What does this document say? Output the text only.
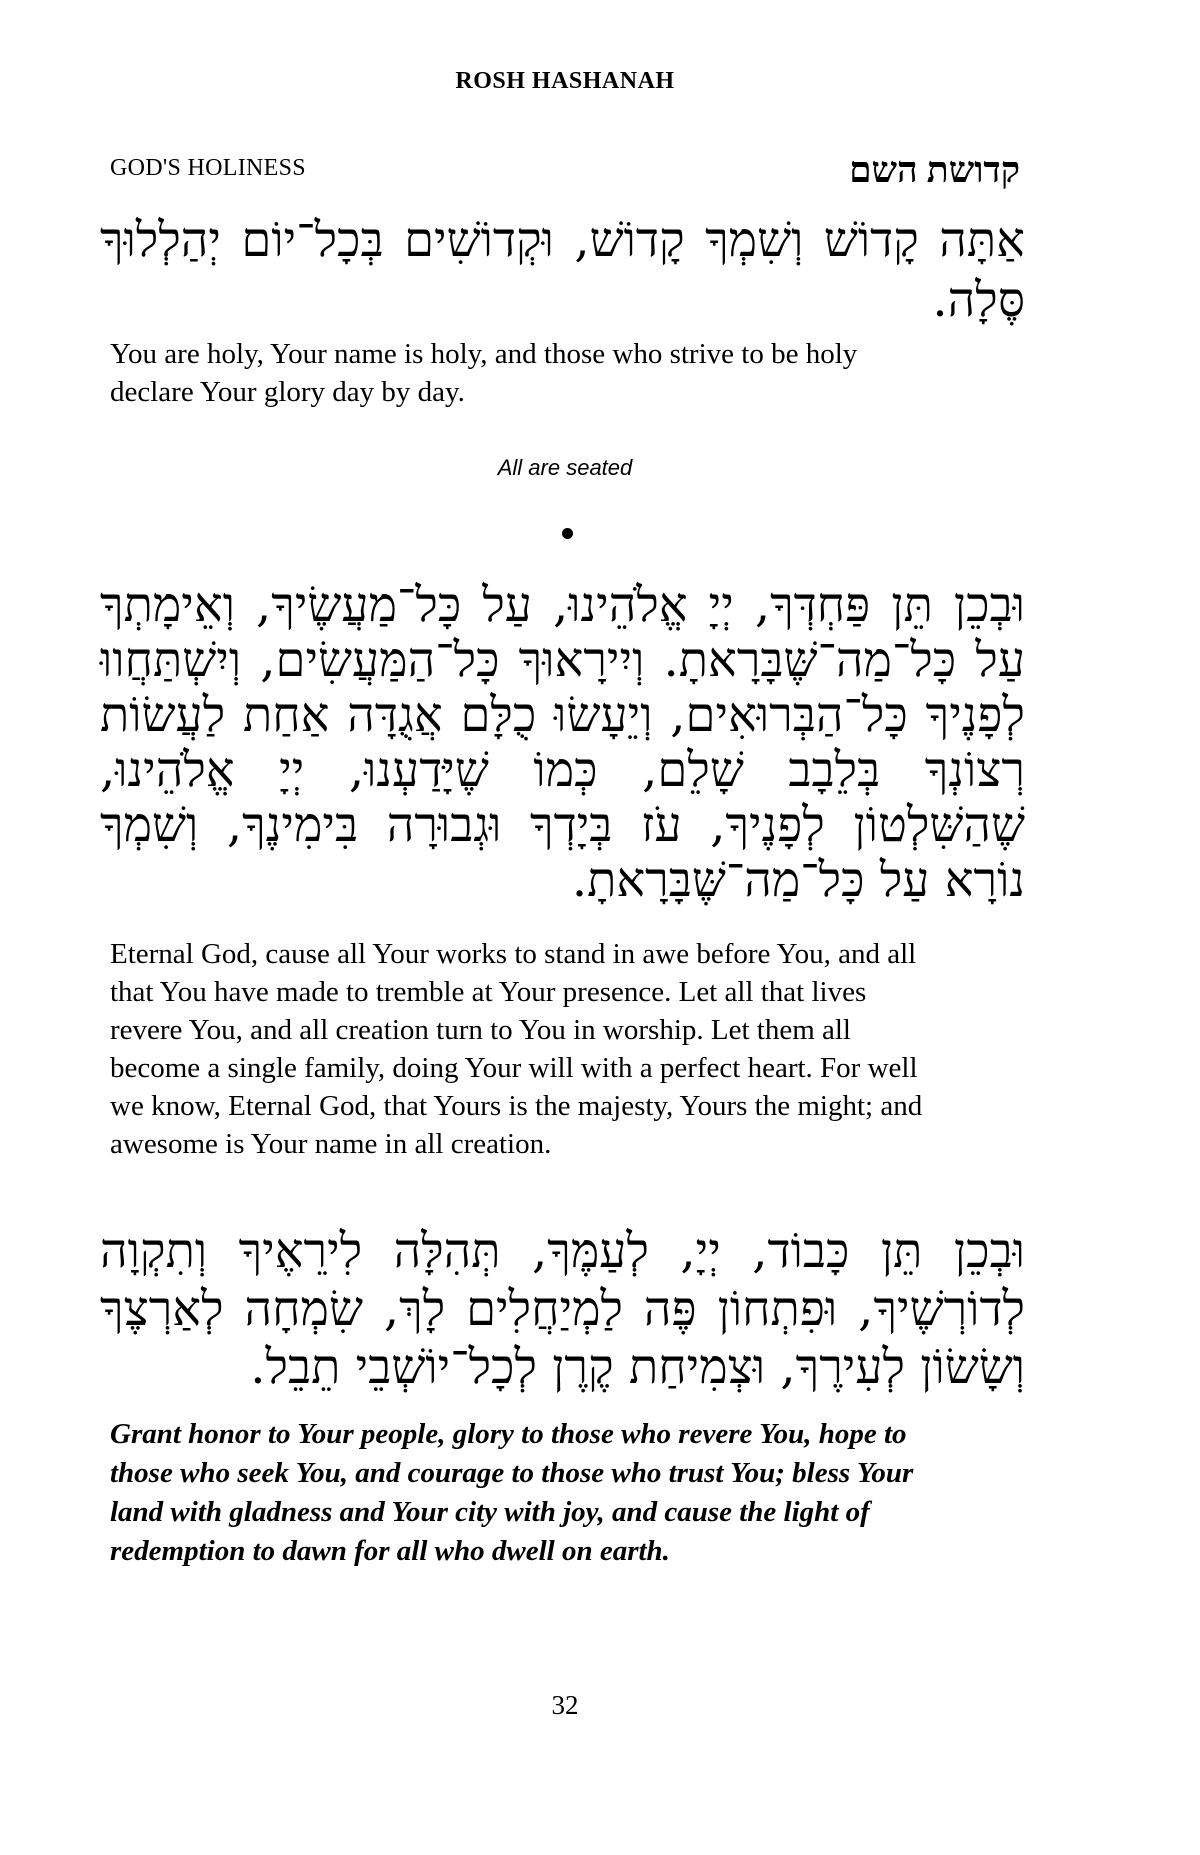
ROSH HASHANAH
GOD'S HOLINESS	קדושת השם
אַתָּה קָדוֹשׁ וְשִׁמְךָ קָדוֹשׁ, וּקְדוֹשִׁים בְּכָל־יוֹם יְהַלְלוּךָ סֶּלָה.
You are holy, Your name is holy, and those who strive to be holy declare Your glory day by day.
All are seated
וּבְכֵן תֵּן פַּחְדְּךָ, יְיָ אֱלֹהֵינוּ, עַל כָּל־מַעֲשֶׂיךָ, וְאֵימָתְךָ עַל כָּל־מַה־שֶּׁבָּרָאתָ. וְיִירָאוּךָ כָּל־הַמַּעֲשִׂים, וְיִשְׁתַּחֲווּ לְפָנֶיךָ כָּל־הַבְּרוּאִים, וְיֵעָשׂוּ כֻלָּם אֲגֻדָּה אַחַת לַעֲשׂוֹת רְצוֹנְךָ בְּלֵבָב שָׁלֵם, כְּמוֹ שֶׁיָּדַעְנוּ, יְיָ אֱלֹהֵינוּ, שֶׁהַשִּׁלְטוֹן לְפָנֶיךָ, עֹז בְּיָדְךָ וּגְבוּרָה בִּימִינֶךָ, וְשִׁמְךָ נוֹרָא עַל כָּל־מַה־שֶּׁבָּרָאתָ.
Eternal God, cause all Your works to stand in awe before You, and all that You have made to tremble at Your presence. Let all that lives revere You, and all creation turn to You in worship. Let them all become a single family, doing Your will with a perfect heart. For well we know, Eternal God, that Yours is the majesty, Yours the might; and awesome is Your name in all creation.
וּבְכֵן תֵּן כָּבוֹד, יְיָ, לְעַמֶּךָ, תְּהִלָּה לִירֵאֶיךָ וְתִקְוָה לְדוֹרְשֶׁיךָ, וּפִתְחוֹן פֶּה לַמְיַחֲלִים לָךְ, שִׂמְחָה לְאַרְצֶךָ וְשָׂשׂוֹן לְעִירֶךָ, וּצְמִיחַת קֶרֶן לְכָל־יוֹשְׁבֵי תֵבֵל.
Grant honor to Your people, glory to those who revere You, hope to those who seek You, and courage to those who trust You; bless Your land with gladness and Your city with joy, and cause the light of redemption to dawn for all who dwell on earth.
32
